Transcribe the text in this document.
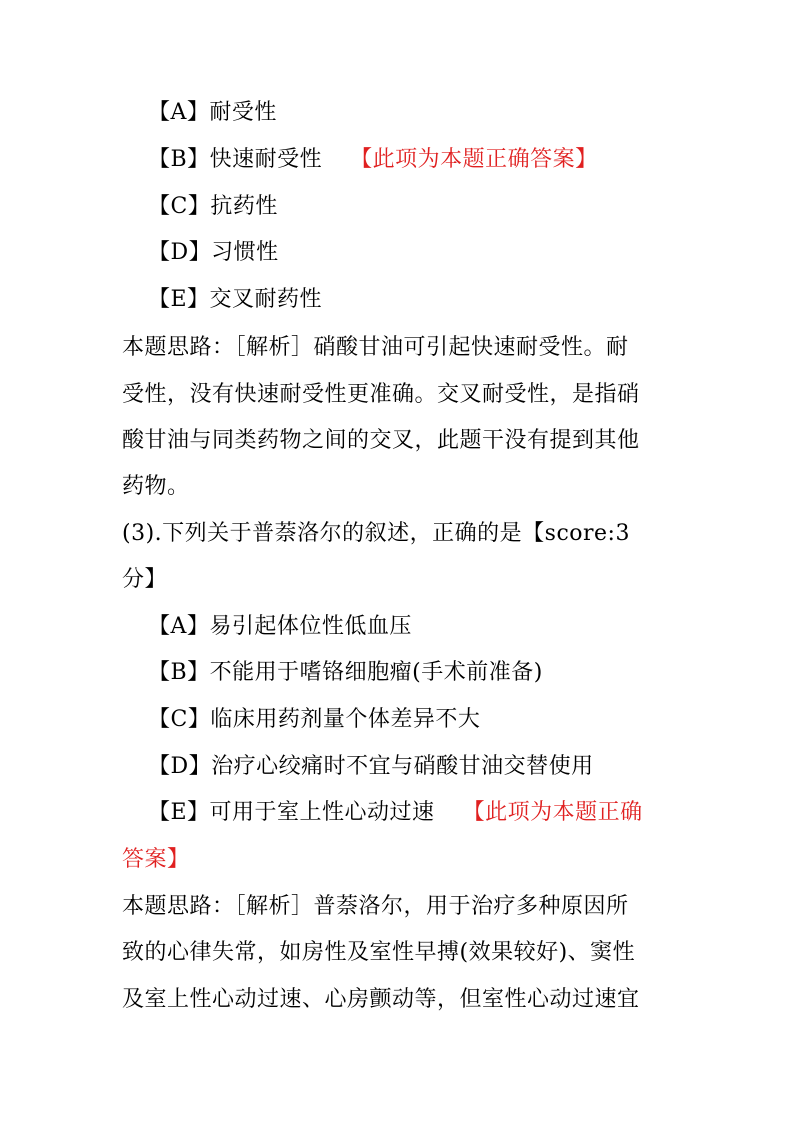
【A】耐受性
【B】快速耐受性 【此项为本题正确答案】
【C】抗药性
【D】习惯性
【E】交叉耐药性
本题思路：［解析］硝酸甘油可引起快速耐受性。耐
受性，没有快速耐受性更准确。交叉耐受性，是指硝
酸甘油与同类药物之间的交叉，此题干没有提到其他
药物。
(3).下列关于普萘洛尔的叙述，正确的是【score:3
分】
【A】易引起体位性低血压
【B】不能用于嗜铬细胞瘤(手术前准备)
【C】临床用药剂量个体差异不大
【D】治疗心绞痛时不宜与硝酸甘油交替使用
【E】可用于室上性心动过速 【此项为本题正确
答案】
本题思路：［解析］普萘洛尔，用于治疗多种原因所
致的心律失常，如房性及室性早搏(效果较好)、窦性
及室上性心动过速、心房颤动等，但室性心动过速宜
